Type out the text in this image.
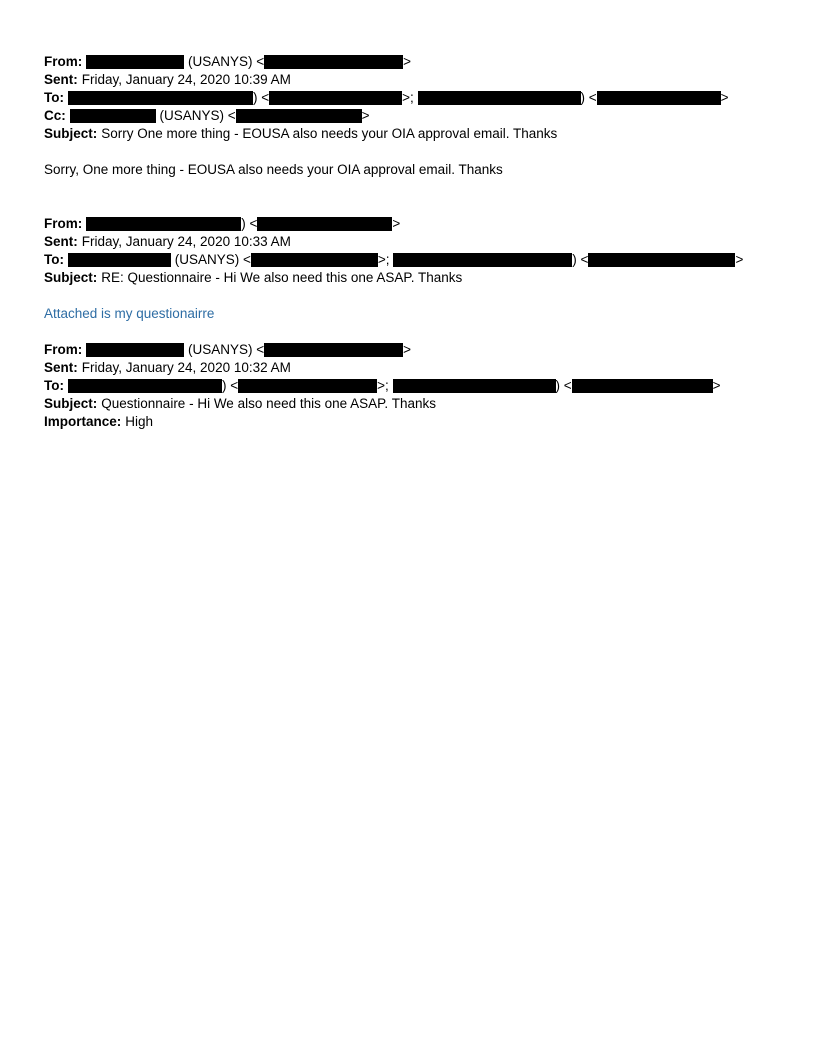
From:	(USANYS) <	>
Sent: Friday, January 24, 2020 10:39 AM
To:	) <	>;	) <	>
Cc:	(USANYS) <	>
Subject: Sorry One more thing - EOUSA also needs your OIA approval email. Thanks
Sorry, One more thing - EOUSA also needs your OIA approval email. Thanks
From:	) <	>
Sent: Friday, January 24, 2020 10:33 AM
To:	(USANYS) <	>;	) <	>
Subject: RE: Questionnaire - Hi We also need this one ASAP. Thanks
Attached is my questionairre
From:	(USANYS) <	>
Sent: Friday, January 24, 2020 10:32 AM
To:	) <	>;	) <	>
Subject: Questionnaire - Hi We also need this one ASAP. Thanks
Importance: High
